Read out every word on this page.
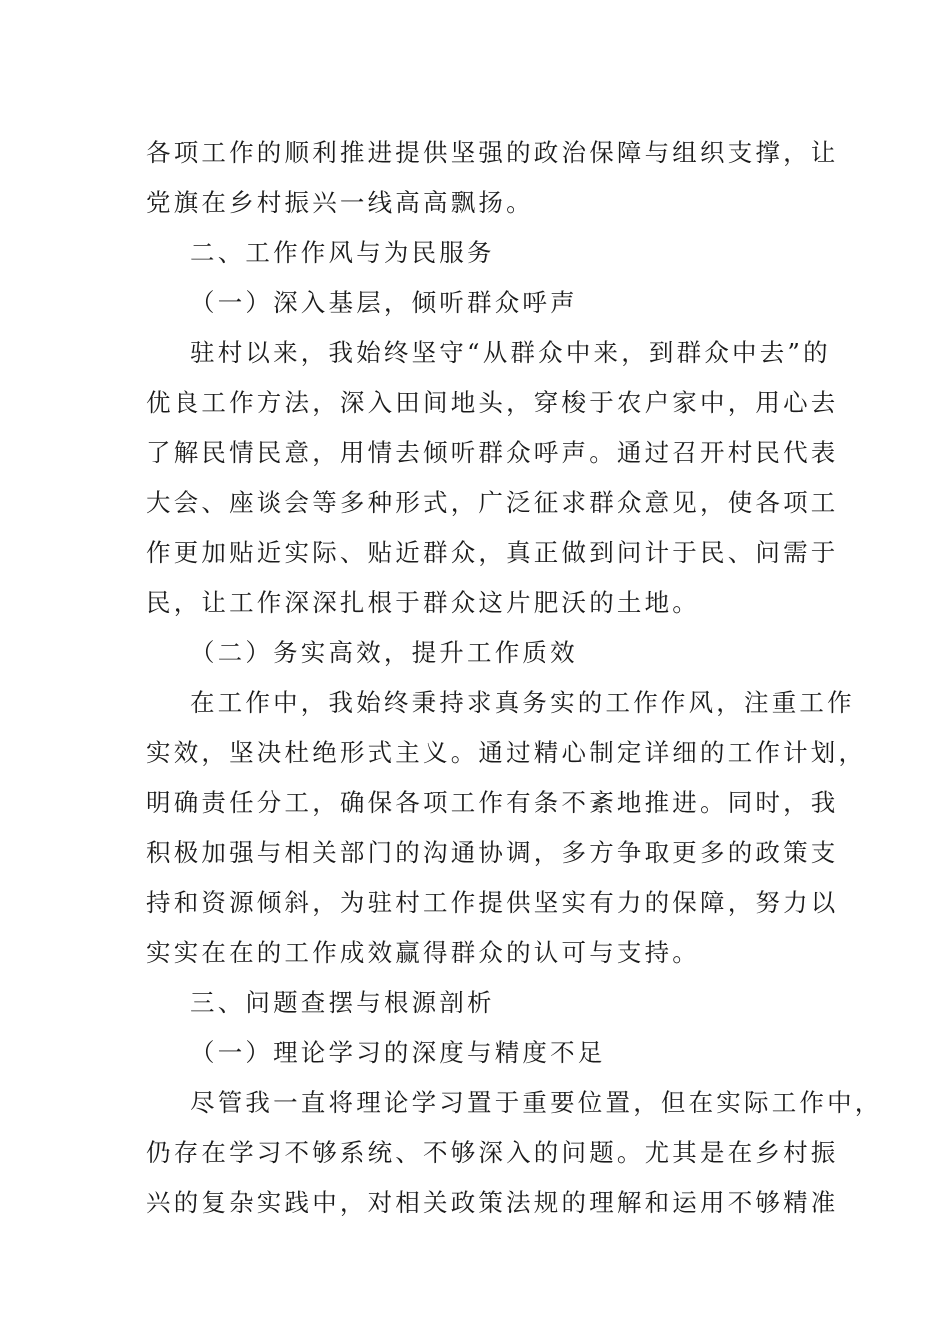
各项工作的顺利推进提供坚强的政治保障与组织支撑，让
党旗在乡村振兴一线高高飘扬。
二、工作作风与为民服务
（一）深入基层，倾听群众呼声
驻村以来，我始终坚守“从群众中来，到群众中去”的
优良工作方法，深入田间地头，穿梭于农户家中，用心去
了解民情民意，用情去倾听群众呼声。通过召开村民代表
大会、座谈会等多种形式，广泛征求群众意见，使各项工
作更加贴近实际、贴近群众，真正做到问计于民、问需于
民，让工作深深扎根于群众这片肥沃的土地。
（二）务实高效，提升工作质效
在工作中，我始终秉持求真务实的工作作风，注重工作
实效，坚决杜绝形式主义。通过精心制定详细的工作计划，
明确责任分工，确保各项工作有条不紊地推进。同时，我
积极加强与相关部门的沟通协调，多方争取更多的政策支
持和资源倾斜，为驻村工作提供坚实有力的保障，努力以
实实在在的工作成效赢得群众的认可与支持。
三、问题查摆与根源剖析
（一）理论学习的深度与精度不足
尽管我一直将理论学习置于重要位置，但在实际工作中，
仍存在学习不够系统、不够深入的问题。尤其是在乡村振
兴的复杂实践中，对相关政策法规的理解和运用不够精准
